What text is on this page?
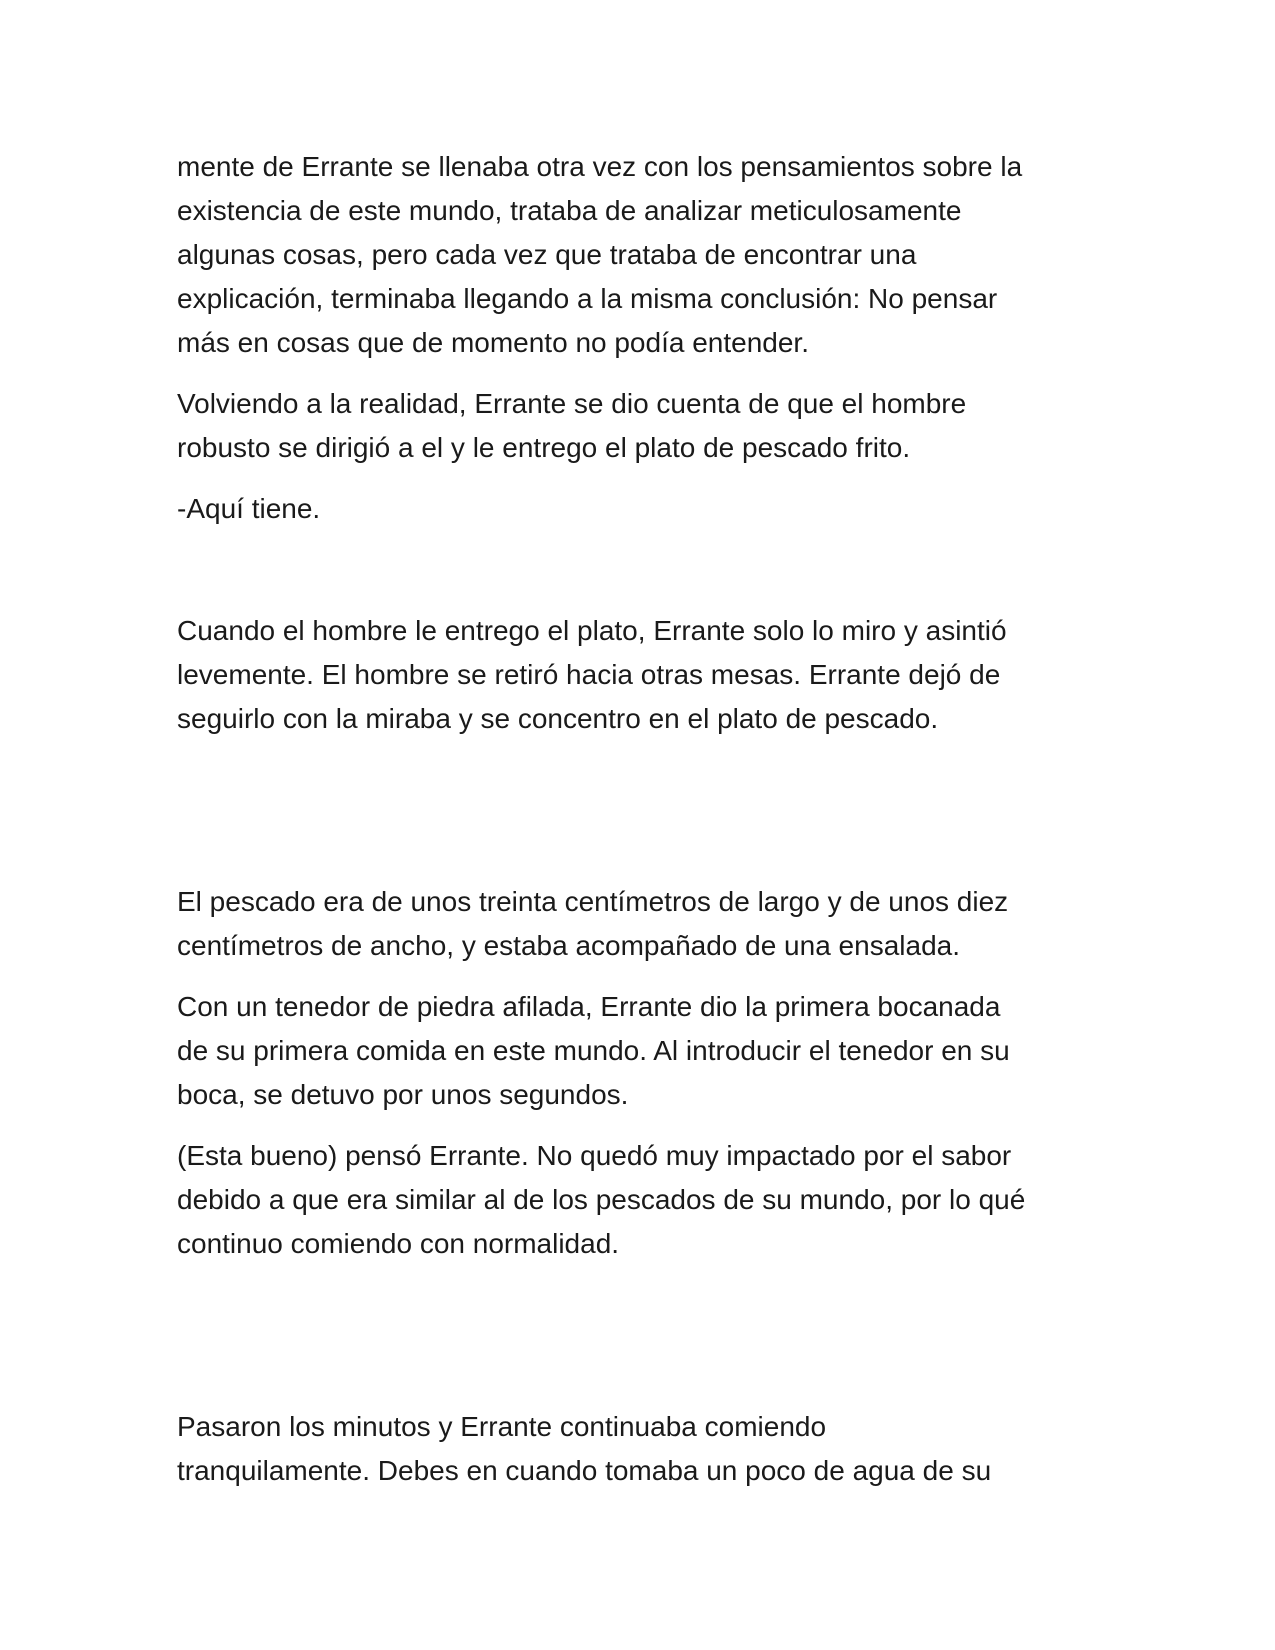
mente de Errante se llenaba otra vez con los pensamientos sobre la
existencia de este mundo, trataba de analizar meticulosamente
algunas cosas, pero cada vez que trataba de encontrar una
explicación, terminaba llegando a la misma conclusión: No pensar
más en cosas que de momento no podía entender.

Volviendo a la realidad, Errante se dio cuenta de que el hombre
robusto se dirigió a el y le entrego el plato de pescado frito.

-Aquí tiene.

Cuando el hombre le entrego el plato, Errante solo lo miro y asintió
levemente. El hombre se retiró hacia otras mesas. Errante dejó de
seguirlo con la miraba y se concentro en el plato de pescado.

El pescado era de unos treinta centímetros de largo y de unos diez
centímetros de ancho, y estaba acompañado de una ensalada.

Con un tenedor de piedra afilada, Errante dio la primera bocanada
de su primera comida en este mundo. Al introducir el tenedor en su
boca, se detuvo por unos segundos.

(Esta bueno) pensó Errante. No quedó muy impactado por el sabor
debido a que era similar al de los pescados de su mundo, por lo qué
continuo comiendo con normalidad.

Pasaron los minutos y Errante continuaba comiendo
tranquilamente. Debes en cuando tomaba un poco de agua de su
